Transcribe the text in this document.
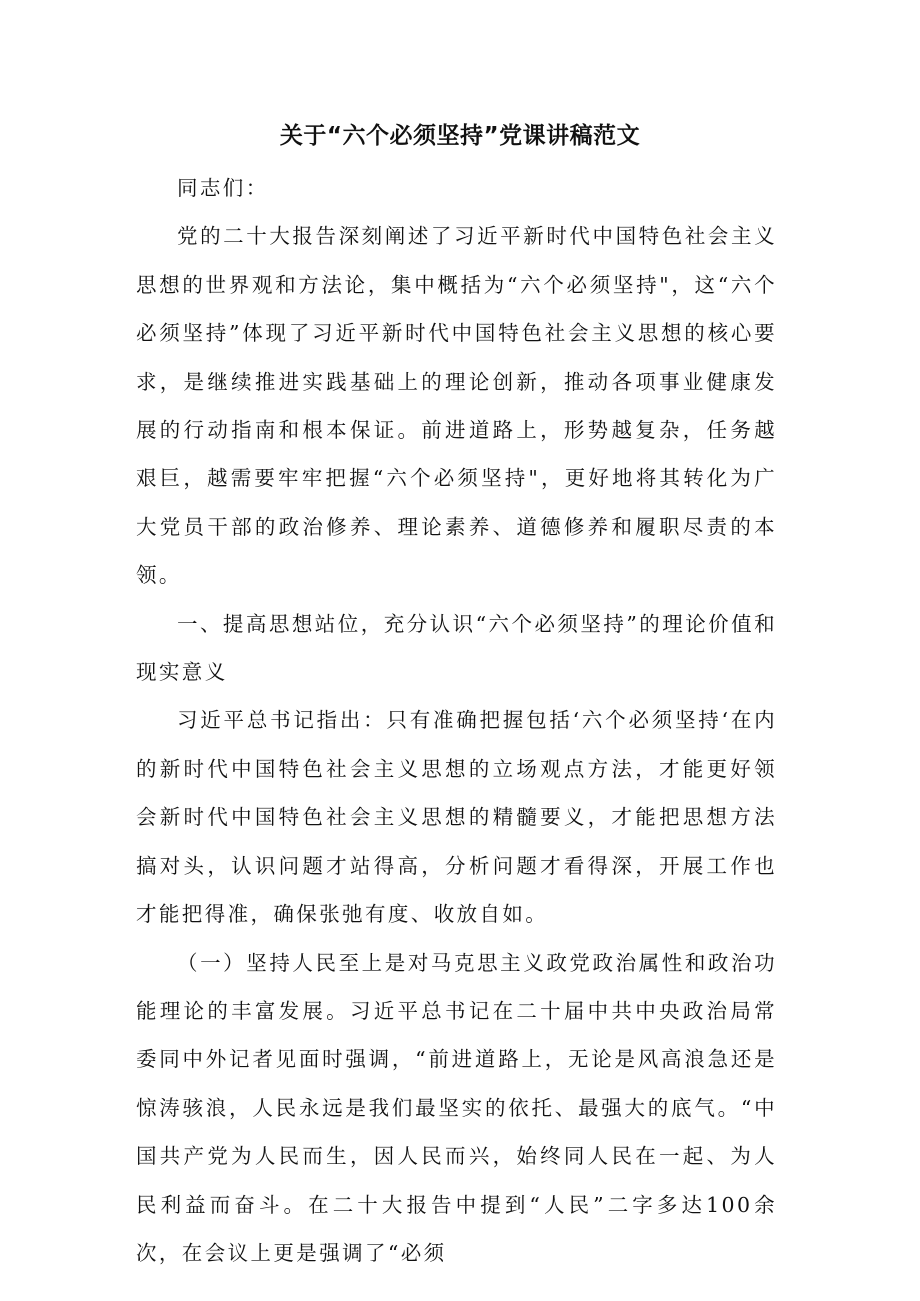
关于“六个必须坚持”党课讲稿范文

同志们：

党的二十大报告深刻阐述了习近平新时代中国特色社会主义思想的世界观和方法论，集中概括为“六个必须坚持"，这“六个必须坚持”体现了习近平新时代中国特色社会主义思想的核心要求，是继续推进实践基础上的理论创新，推动各项事业健康发展的行动指南和根本保证。前进道路上，形势越复杂，任务越艰巨，越需要牢牢把握“六个必须坚持"，更好地将其转化为广大党员干部的政治修养、理论素养、道德修养和履职尽责的本领。

一、提高思想站位，充分认识“六个必须坚持”的理论价值和现实意义

习近平总书记指出：只有准确把握包括‘六个必须坚持‘在内的新时代中国特色社会主义思想的立场观点方法，才能更好领会新时代中国特色社会主义思想的精髓要义，才能把思想方法搞对头，认识问题才站得高，分析问题才看得深，开展工作也才能把得准，确保张弛有度、收放自如。

（一）坚持人民至上是对马克思主义政党政治属性和政治功能理论的丰富发展。习近平总书记在二十届中共中央政治局常委同中外记者见面时强调，“前进道路上，无论是风高浪急还是惊涛骇浪，人民永远是我们最坚实的依托、最强大的底气。“中国共产党为人民而生，因人民而兴，始终同人民在一起、为人民利益而奋斗。在二十大报告中提到“人民”二字多达100余次，在会议上更是强调了“必须
